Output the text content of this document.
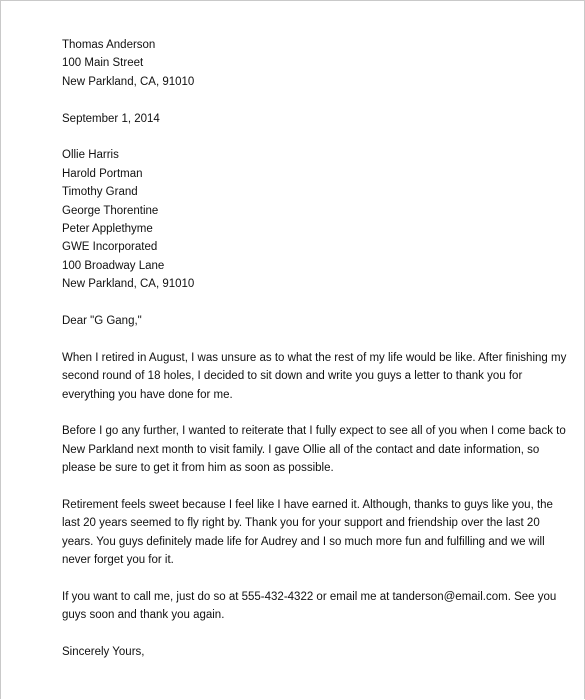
Thomas Anderson
100 Main Street
New Parkland, CA, 91010
September 1, 2014
Ollie Harris
Harold Portman
Timothy Grand
George Thorentine
Peter Applethyme
GWE Incorporated
100 Broadway Lane
New Parkland, CA, 91010
Dear "G Gang,"
When I retired in August, I was unsure as to what the rest of my life would be like. After finishing my
second round of 18 holes, I decided to sit down and write you guys a letter to thank you for
everything you have done for me.
Before I go any further, I wanted to reiterate that I fully expect to see all of you when I come back to
New Parkland next month to visit family. I gave Ollie all of the contact and date information, so
please be sure to get it from him as soon as possible.
Retirement feels sweet because I feel like I have earned it. Although, thanks to guys like you, the
last 20 years seemed to fly right by. Thank you for your support and friendship over the last 20
years. You guys definitely made life for Audrey and I so much more fun and fulfilling and we will
never forget you for it.
If you want to call me, just do so at 555-432-4322 or email me at tanderson@email.com. See you
guys soon and thank you again.
Sincerely Yours,
